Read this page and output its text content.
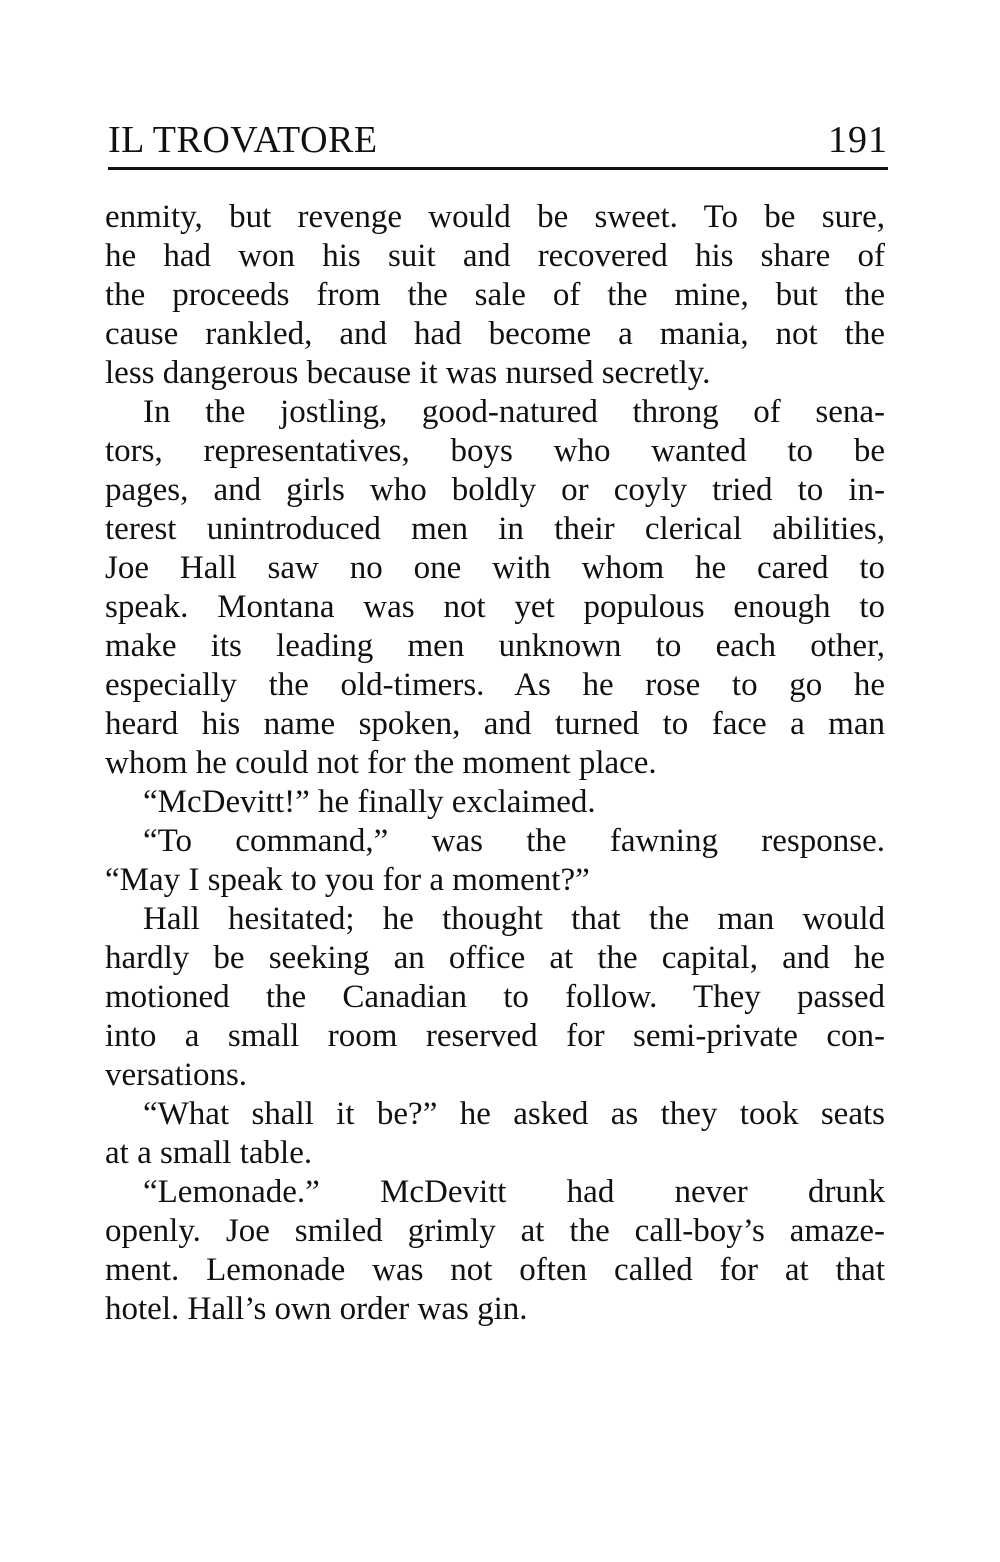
IL TROVATORE	191
enmity, but revenge would be sweet. To be sure,
he had won his suit and recovered his share of
the proceeds from the sale of the mine, but the
cause rankled, and had become a mania, not the
less dangerous because it was nursed secretly.
In the jostling, good-natured throng of sena-
tors, representatives, boys who wanted to be
pages, and girls who boldly or coyly tried to in-
terest unintroduced men in their clerical abilities,
Joe Hall saw no one with whom he cared to
speak. Montana was not yet populous enough to
make its leading men unknown to each other,
especially the old-timers. As he rose to go he
heard his name spoken, and turned to face a man
whom he could not for the moment place.
“McDevitt!” he finally exclaimed.
“To command,” was the fawning response.
“May I speak to you for a moment?”
Hall hesitated; he thought that the man would
hardly be seeking an office at the capital, and he
motioned the Canadian to follow. They passed
into a small room reserved for semi-private con-
versations.
“What shall it be?” he asked as they took seats
at a small table.
“Lemonade.” McDevitt had never drunk
openly. Joe smiled grimly at the call-boy’s amaze-
ment. Lemonade was not often called for at that
hotel. Hall’s own order was gin.
